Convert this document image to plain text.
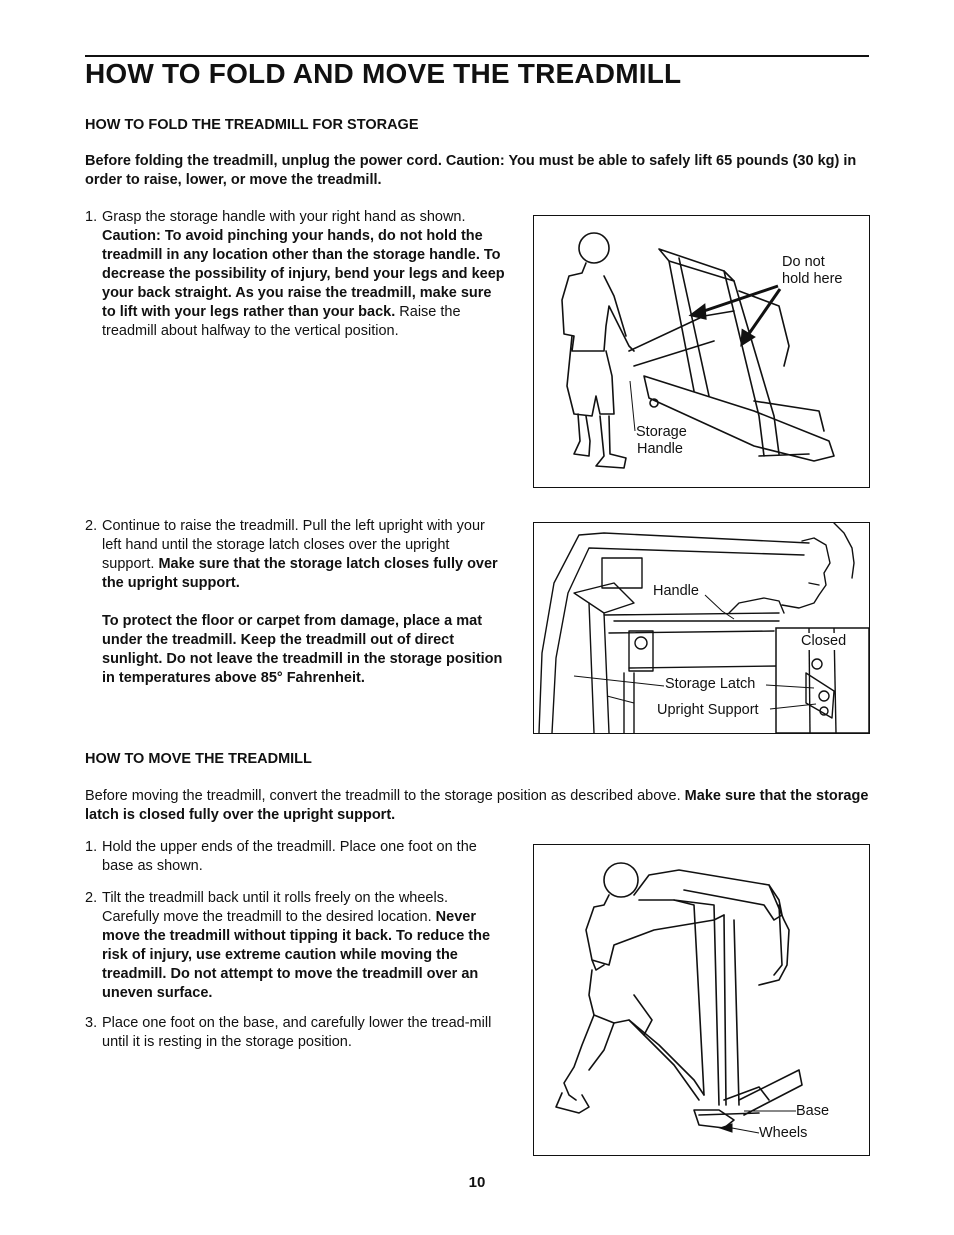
HOW TO FOLD AND MOVE THE TREADMILL

HOW TO FOLD THE TREADMILL FOR STORAGE

Before folding the treadmill, unplug the power cord. Caution: You must be able to safely lift 65 pounds (30 kg) in order to raise, lower, or move the treadmill.

1. Grasp the storage handle with your right hand as shown. Caution: To avoid pinching your hands, do not hold the treadmill in any location other than the storage handle. To decrease the possibility of injury, bend your legs and keep your back straight. As you raise the treadmill, make sure to lift with your legs rather than your back. Raise the treadmill about halfway to the vertical position.
Do not
hold here
Storage
Handle
2. Continue to raise the treadmill. Pull the left upright with your left hand until the storage latch closes over the upright support. Make sure that the storage latch closes fully over the upright support.
To protect the floor or carpet from damage, place a mat under the treadmill. Keep the treadmill out of direct sunlight. Do not leave the treadmill in the storage position in temperatures above 85° Fahrenheit.
Handle
Closed
Storage Latch
Upright Support

HOW TO MOVE THE TREADMILL

Before moving the treadmill, convert the treadmill to the storage position as described above. Make sure that the storage latch is closed fully over the upright support.

1. Hold the upper ends of the treadmill. Place one foot on the base as shown.
2. Tilt the treadmill back until it rolls freely on the wheels. Carefully move the treadmill to the desired location. Never move the treadmill without tipping it back. To reduce the risk of injury, use extreme caution while moving the treadmill. Do not attempt to move the treadmill over an uneven surface.
3. Place one foot on the base, and carefully lower the tread-mill until it is resting in the storage position.
Base
Wheels
10
